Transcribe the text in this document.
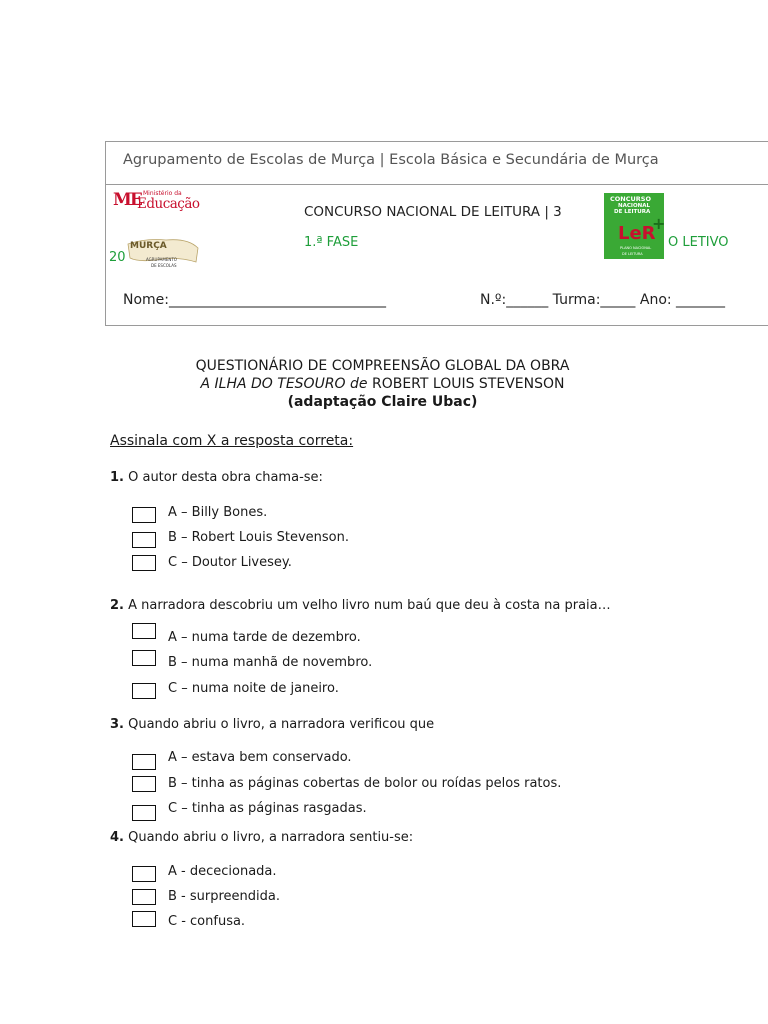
Agrupamento de Escolas de Murça | Escola Básica e Secundária de Murça
ME Ministério da
Educação	CONCURSO NACIONAL DE LEITURA | 3
1.ª FASE
20
O LETIVO
MURÇA
AGRUPAMENTO
DE ESCOLAS
CONCURSO
NACIONAL
DE LEITURA
LeR
+
PLANO NACIONAL
DE LEITURA
Nome:_______________________________	N.º:______ Turma:_____ Ano: _______
QUESTIONÁRIO DE COMPREENSÃO GLOBAL DA OBRA
A ILHA DO TESOURO de ROBERT LOUIS STEVENSON
(adaptação Claire Ubac)
Assinala com X a resposta correta:
1. O autor desta obra chama-se:
A – Billy Bones.
B – Robert Louis Stevenson.
C – Doutor Livesey.
2. A narradora descobriu um velho livro num baú que deu à costa na praia…
A – numa tarde de dezembro.
B – numa manhã de novembro.
C – numa noite de janeiro.
3. Quando abriu o livro, a narradora verificou que
A – estava bem conservado.
B – tinha as páginas cobertas de bolor ou roídas pelos ratos.
C – tinha as páginas rasgadas.
4. Quando abriu o livro, a narradora sentiu-se:
A - dececionada.
B - surpreendida.
C - confusa.
